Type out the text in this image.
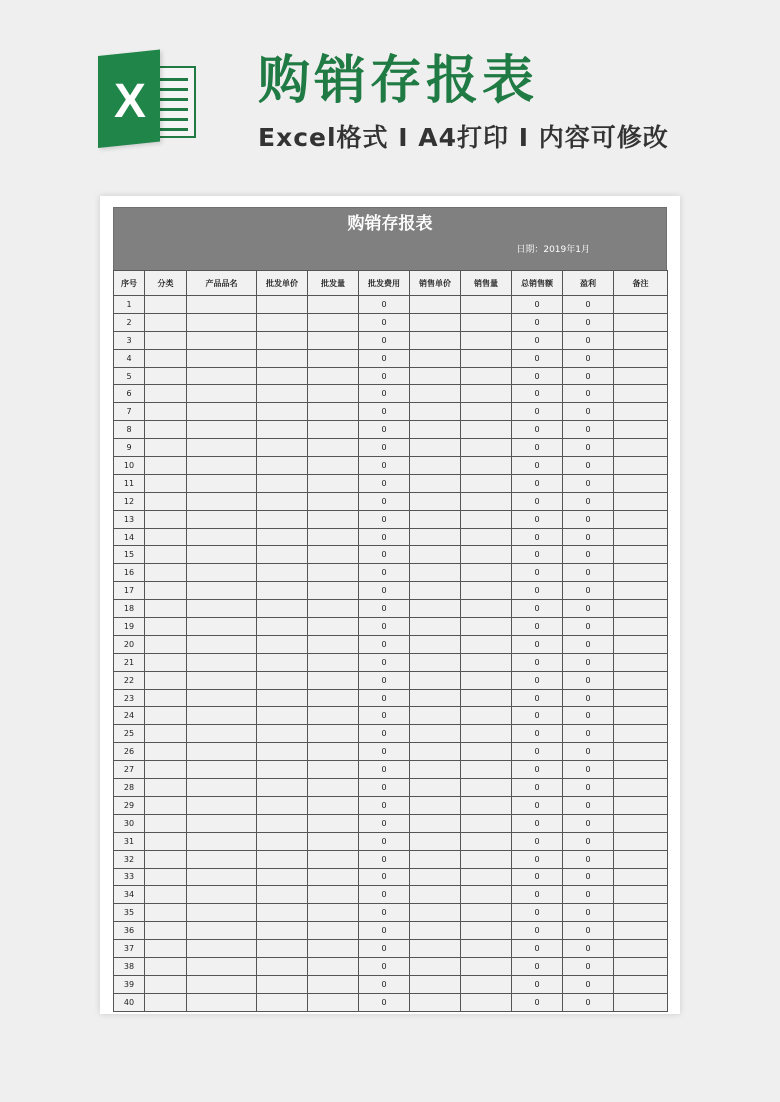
X 购销存报表
Excel格式 I A4打印 I 内容可修改
购销存报表
日期：2019年1月
序号	分类	产品品名	批发单价	批发量	批发费用	销售单价	销售量	总销售额	盈利	备注
1					0			0	0	
2					0			0	0	
3					0			0	0	
4					0			0	0	
5					0			0	0	
6					0			0	0	
7					0			0	0	
8					0			0	0	
9					0			0	0	
10					0			0	0	
11					0			0	0	
12					0			0	0	
13					0			0	0	
14					0			0	0	
15					0			0	0	
16					0			0	0	
17					0			0	0	
18					0			0	0	
19					0			0	0	
20					0			0	0	
21					0			0	0	
22					0			0	0	
23					0			0	0	
24					0			0	0	
25					0			0	0	
26					0			0	0	
27					0			0	0	
28					0			0	0	
29					0			0	0	
30					0			0	0	
31					0			0	0	
32					0			0	0	
33					0			0	0	
34					0			0	0	
35					0			0	0	
36					0			0	0	
37					0			0	0	
38					0			0	0	
39					0			0	0	
40					0			0	0	
